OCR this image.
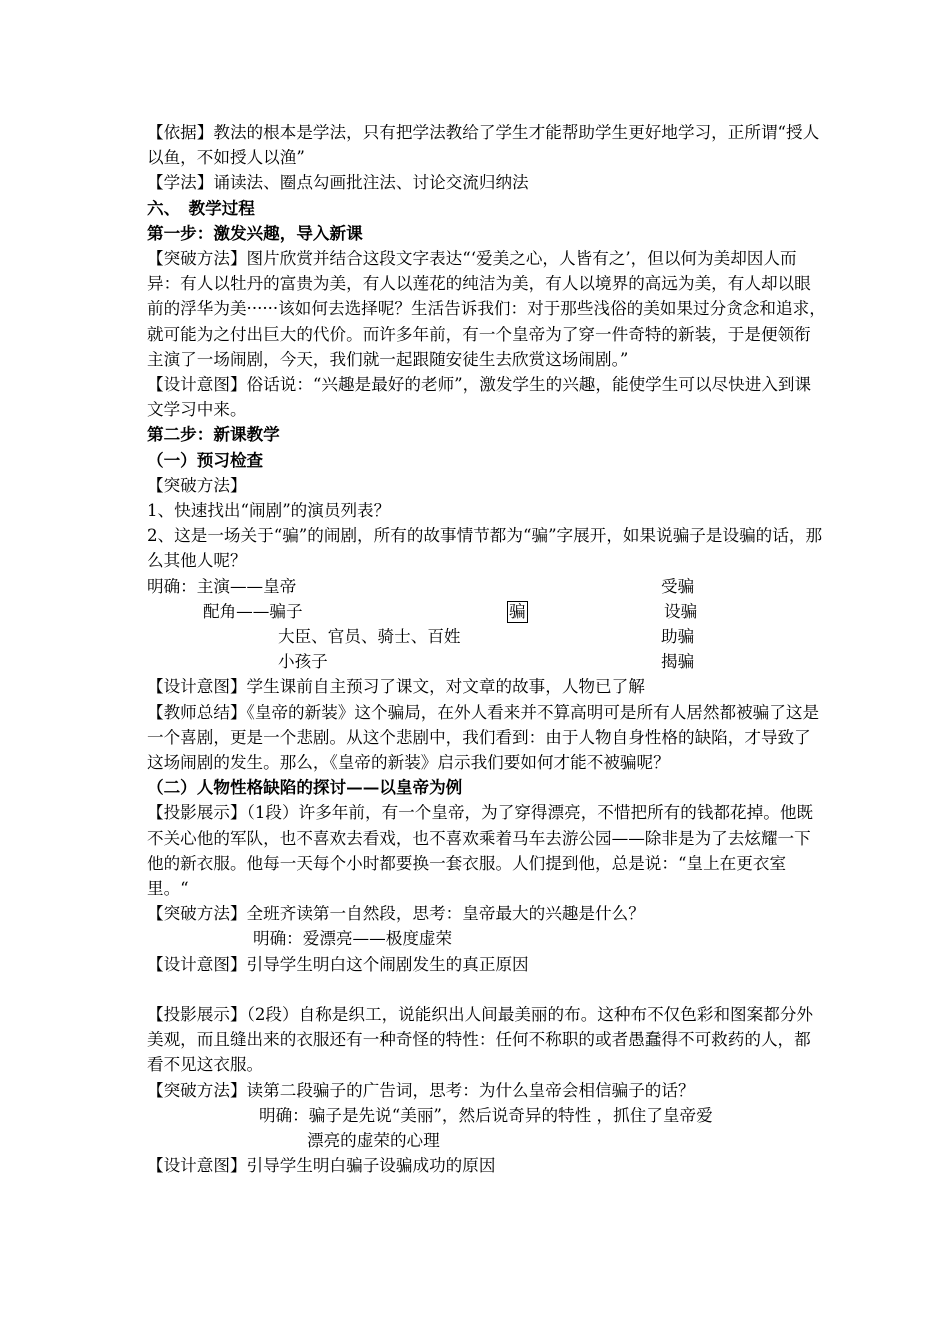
【依据】教法的根本是学法，只有把学法教给了学生才能帮助学生更好地学习，正所谓“授人以鱼，不如授人以渔”

【学法】诵读法、圈点勾画批注法、讨论交流归纳法

六、　教学过程

第一步：激发兴趣，导入新课

【突破方法】图片欣赏并结合这段文字表达“‘爱美之心，人皆有之’，但以何为美却因人而异：有人以牡丹的富贵为美，有人以莲花的纯洁为美，有人以境界的高远为美，有人却以眼前的浮华为美······该如何去选择呢？生活告诉我们：对于那些浅俗的美如果过分贪念和追求，就可能为之付出巨大的代价。而许多年前，有一个皇帝为了穿一件奇特的新装，于是便领衔主演了一场闹剧，今天，我们就一起跟随安徒生去欣赏这场闹剧。”

【设计意图】俗话说：“兴趣是最好的老师”，激发学生的兴趣，能使学生可以尽快进入到课文学习中来。

第二步：新课教学

（一）预习检查

【突破方法】

1、快速找出“闹剧”的演员列表？

2、这是一场关于“骗”的闹剧，所有的故事情节都为“骗”字展开，如果说骗子是设骗的话，那么其他人呢？

明确：主演——皇帝	受骗
配角——骗子	骗	设骗
大臣、官员、骑士、百姓	助骗
小孩子	揭骗

【设计意图】学生课前自主预习了课文，对文章的故事，人物已了解

【教师总结】《皇帝的新装》这个骗局，在外人看来并不算高明可是所有人居然都被骗了这是一个喜剧，更是一个悲剧。从这个悲剧中，我们看到：由于人物自身性格的缺陷，才导致了这场闹剧的发生。那么，《皇帝的新装》启示我们要如何才能不被骗呢？

（二）人物性格缺陷的探讨——以皇帝为例

【投影展示】（1段）许多年前，有一个皇帝，为了穿得漂亮，不惜把所有的钱都花掉。他既不关心他的军队，也不喜欢去看戏，也不喜欢乘着马车去游公园——除非是为了去炫耀一下他的新衣服。他每一天每个小时都要换一套衣服。人们提到他，总是说：“皇上在更衣室里。“

【突破方法】全班齐读第一自然段，思考：皇帝最大的兴趣是什么？

明确：爱漂亮——极度虚荣

【设计意图】引导学生明白这个闹剧发生的真正原因

【投影展示】（2段）自称是织工，说能织出人间最美丽的布。这种布不仅色彩和图案都分外美观，而且缝出来的衣服还有一种奇怪的特性：任何不称职的或者愚蠢得不可救药的人，都看不见这衣服。

【突破方法】读第二段骗子的广告词，思考：为什么皇帝会相信骗子的话？

明确：骗子是先说“美丽”，然后说奇异的特性 ，抓住了皇帝爱

漂亮的虚荣的心理

【设计意图】引导学生明白骗子设骗成功的原因
